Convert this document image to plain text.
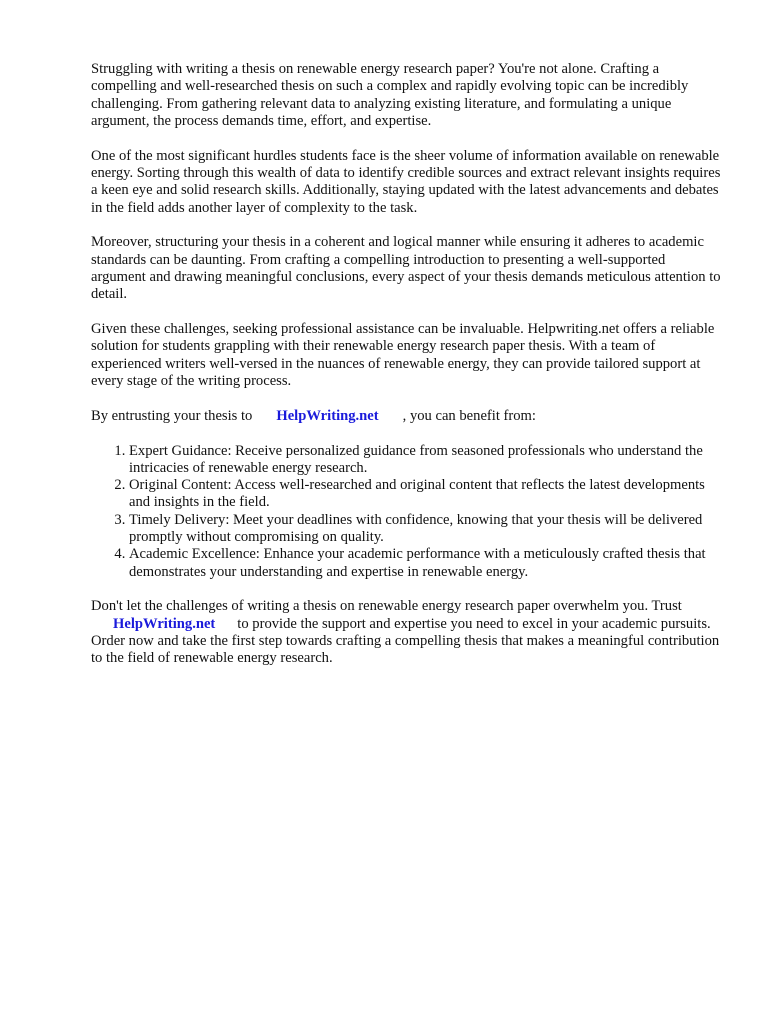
Struggling with writing a thesis on renewable energy research paper? You're not alone. Crafting a compelling and well-researched thesis on such a complex and rapidly evolving topic can be incredibly challenging. From gathering relevant data to analyzing existing literature, and formulating a unique argument, the process demands time, effort, and expertise.

One of the most significant hurdles students face is the sheer volume of information available on renewable energy. Sorting through this wealth of data to identify credible sources and extract relevant insights requires a keen eye and solid research skills. Additionally, staying updated with the latest advancements and debates in the field adds another layer of complexity to the task.

Moreover, structuring your thesis in a coherent and logical manner while ensuring it adheres to academic standards can be daunting. From crafting a compelling introduction to presenting a well-supported argument and drawing meaningful conclusions, every aspect of your thesis demands meticulous attention to detail.

Given these challenges, seeking professional assistance can be invaluable. Helpwriting.net offers a reliable solution for students grappling with their renewable energy research paper thesis. With a team of experienced writers well-versed in the nuances of renewable energy, they can provide tailored support at every stage of the writing process.

By entrusting your thesis to HelpWriting.net , you can benefit from:

1. Expert Guidance: Receive personalized guidance from seasoned professionals who understand the intricacies of renewable energy research.
2. Original Content: Access well-researched and original content that reflects the latest developments and insights in the field.
3. Timely Delivery: Meet your deadlines with confidence, knowing that your thesis will be delivered promptly without compromising on quality.
4. Academic Excellence: Enhance your academic performance with a meticulously crafted thesis that demonstrates your understanding and expertise in renewable energy.

Don't let the challenges of writing a thesis on renewable energy research paper overwhelm you. Trust
HelpWriting.net to provide the support and expertise you need to excel in your academic pursuits. Order now and take the first step towards crafting a compelling thesis that makes a meaningful contribution to the field of renewable energy research.
